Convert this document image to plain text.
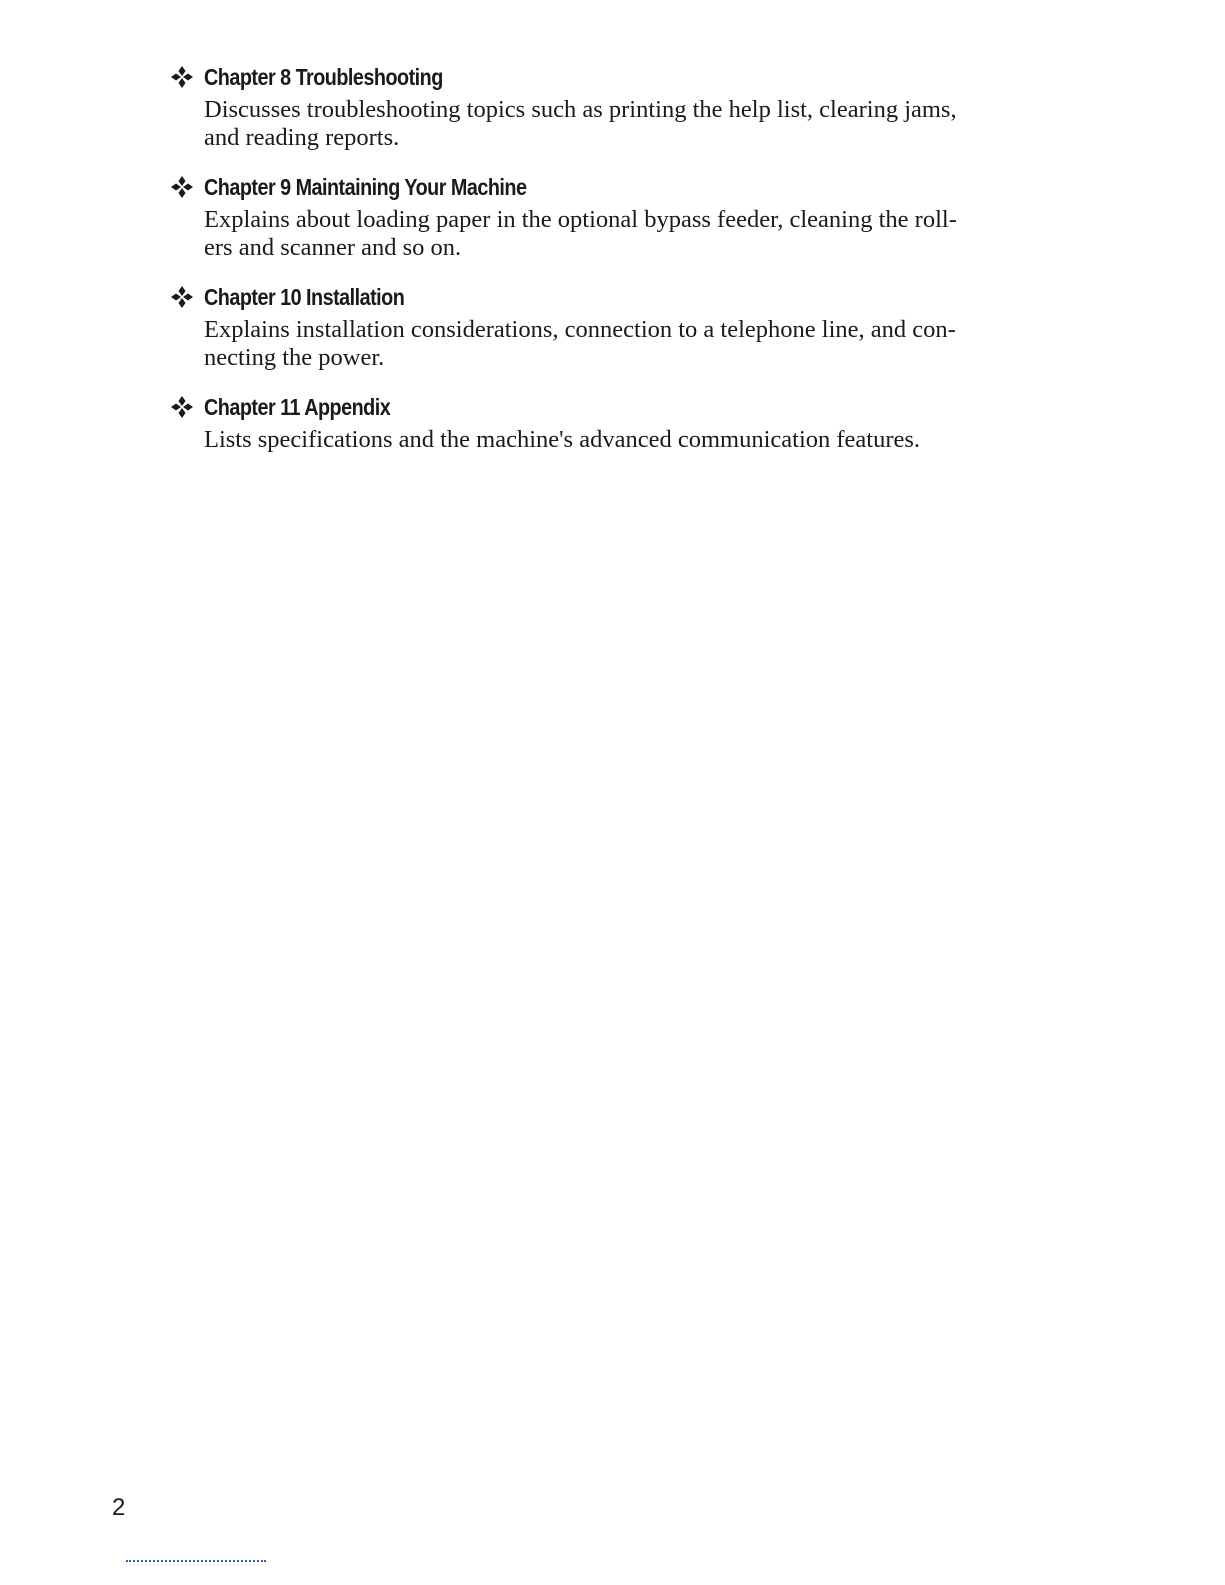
Chapter 8 Troubleshooting
Discusses troubleshooting topics such as printing the help list, clearing jams,
and reading reports.
Chapter 9 Maintaining Your Machine
Explains about loading paper in the optional bypass feeder, cleaning the roll-
ers and scanner and so on.
Chapter 10 Installation
Explains installation considerations, connection to a telephone line, and con-
necting the power.
Chapter 11 Appendix
Lists specifications and the machine's advanced communication features.
2
